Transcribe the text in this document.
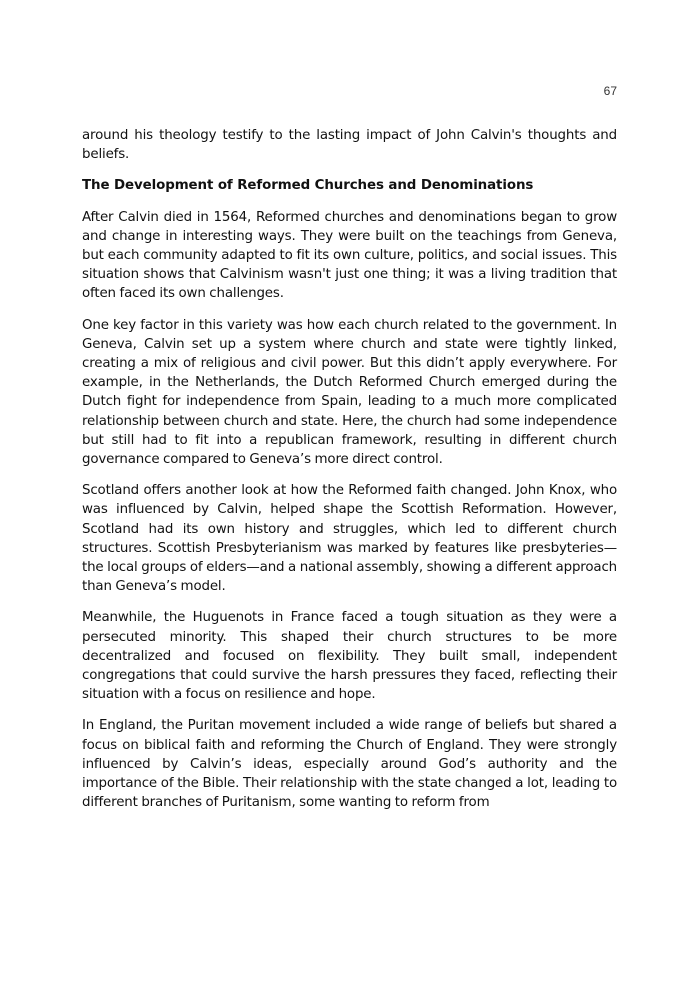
67

around his theology testify to the lasting impact of John Calvin's thoughts and beliefs.

The Development of Reformed Churches and Denominations

After Calvin died in 1564, Reformed churches and denominations began to grow and change in interesting ways. They were built on the teachings from Geneva, but each community adapted to fit its own culture, politics, and social issues. This situation shows that Calvinism wasn't just one thing; it was a living tradition that often faced its own challenges.

One key factor in this variety was how each church related to the government. In Geneva, Calvin set up a system where church and state were tightly linked, creating a mix of religious and civil power. But this didn’t apply everywhere. For example, in the Netherlands, the Dutch Reformed Church emerged during the Dutch fight for independence from Spain, leading to a much more complicated relationship between church and state. Here, the church had some independence but still had to fit into a republican framework, resulting in different church governance compared to Geneva’s more direct control.

Scotland offers another look at how the Reformed faith changed. John Knox, who was influenced by Calvin, helped shape the Scottish Reformation. However, Scotland had its own history and struggles, which led to different church structures. Scottish Presbyterianism was marked by features like presbyteries—the local groups of elders—and a national assembly, showing a different approach than Geneva’s model.

Meanwhile, the Huguenots in France faced a tough situation as they were a persecuted minority. This shaped their church structures to be more decentralized and focused on flexibility. They built small, independent congregations that could survive the harsh pressures they faced, reflecting their situation with a focus on resilience and hope.

In England, the Puritan movement included a wide range of beliefs but shared a focus on biblical faith and reforming the Church of England. They were strongly influenced by Calvin’s ideas, especially around God’s authority and the importance of the Bible. Their relationship with the state changed a lot, leading to different branches of Puritanism, some wanting to reform from
